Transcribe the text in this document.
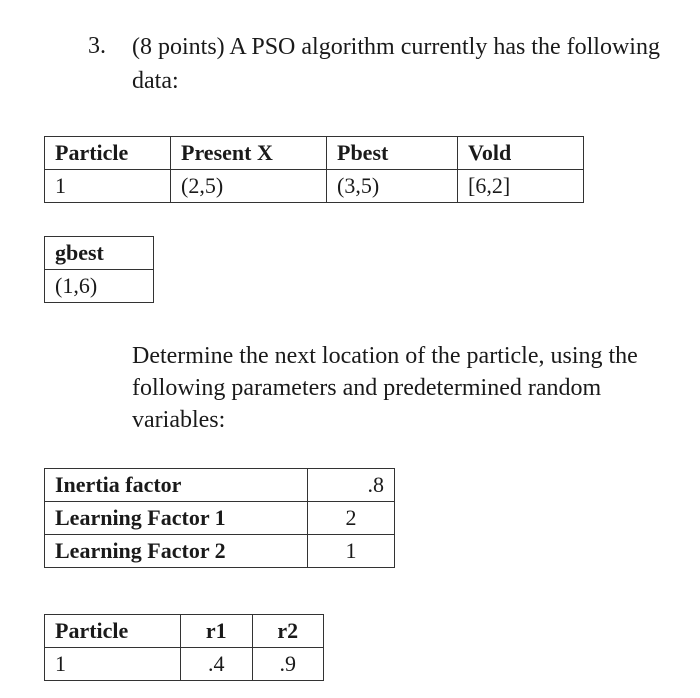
3. (8 points) A PSO algorithm currently has the following data:
Particle	Present X	Pbest	Vold
1	(2,5)	(3,5)	[6,2]
gbest
(1,6)
Determine the next location of the particle, using the following parameters and predetermined random variables:
Inertia factor	.8
Learning Factor 1	2
Learning Factor 2	1
Particle	r1	r2
1	.4	.9
